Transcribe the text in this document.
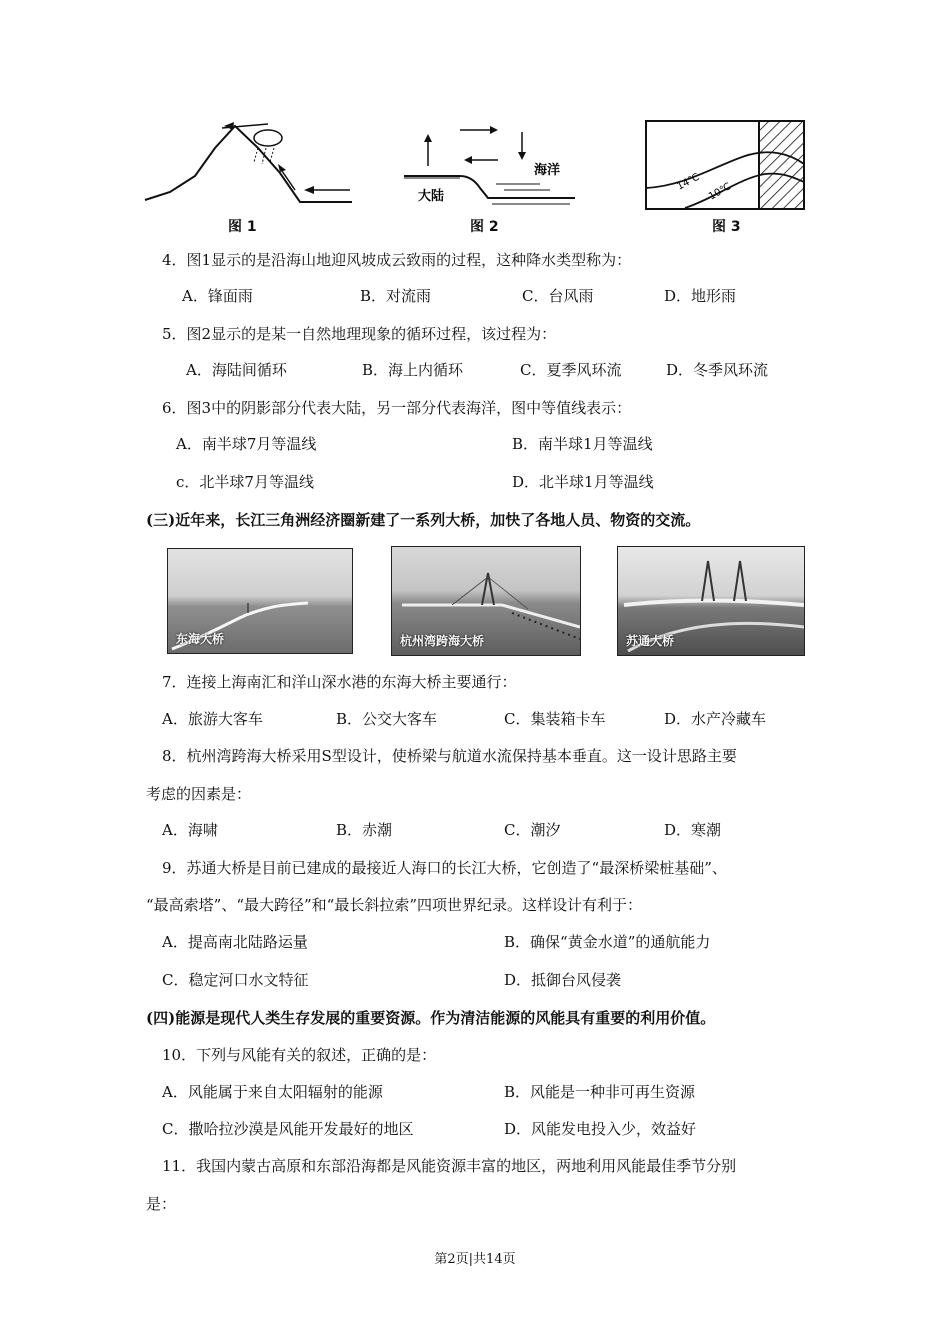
图 1
海洋
大陆
图 2
14℃ 10℃
图 3
4．图1显示的是沿海山地迎风坡成云致雨的过程，这种降水类型称为：
A．锋面雨	B．对流雨	C．台风雨	D．地形雨
5．图2显示的是某一自然地理现象的循环过程，该过程为：
A．海陆间循环	B．海上内循环	C．夏季风环流	D．冬季风环流
6．图3中的阴影部分代表大陆，另一部分代表海洋，图中等值线表示：
A．南半球7月等温线	B．南半球1月等温线
c．北半球7月等温线	D．北半球1月等温线
(三)近年来，长江三角洲经济圈新建了一系列大桥，加快了各地人员、物资的交流。
东海大桥	杭州湾跨海大桥	苏通大桥
7．连接上海南汇和洋山深水港的东海大桥主要通行：
A．旅游大客车	B．公交大客车	C．集装箱卡车	D．水产冷藏车
8．杭州湾跨海大桥采用S型设计，使桥梁与航道水流保持基本垂直。这一设计思路主要
考虑的因素是：
A．海啸	B．赤潮	C．潮汐	D．寒潮
9．苏通大桥是目前已建成的最接近人海口的长江大桥，它创造了“最深桥梁桩基础”、
“最高索塔”、“最大跨径”和“最长斜拉索”四项世界纪录。这样设计有利于：
A．提高南北陆路运量	B．确保“黄金水道”的通航能力
C．稳定河口水文特征	D．抵御台风侵袭
(四)能源是现代人类生存发展的重要资源。作为清洁能源的风能具有重要的利用价值。
10．下列与风能有关的叙述，正确的是：
A．风能属于来自太阳辐射的能源	B．风能是一种非可再生资源
C．撒哈拉沙漠是风能开发最好的地区	D．风能发电投入少，效益好
11．我国内蒙古高原和东部沿海都是风能资源丰富的地区，两地利用风能最佳季节分别
是：
第2页|共14页
